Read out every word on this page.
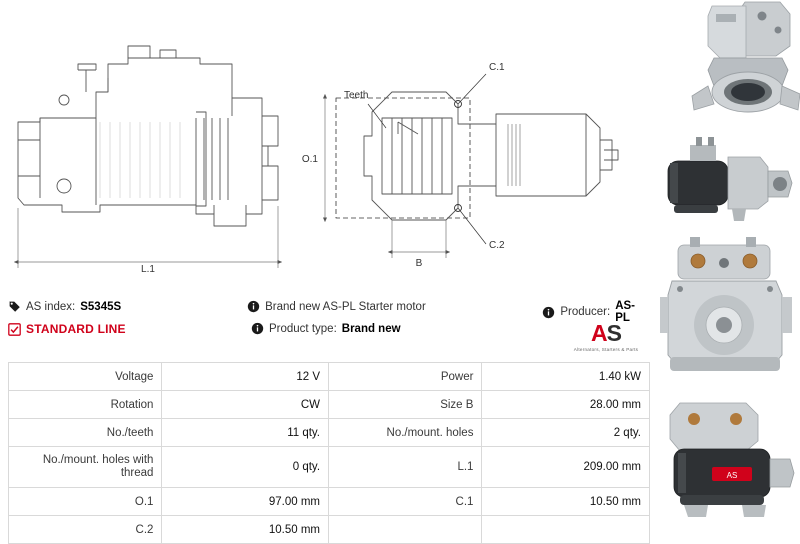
L.1
O.1
B
Teeth
C.1
C.2
AS index: S5345S	Brand new AS-PL Starter motor	Producer: AS-PL
STANDARD LINE	Product type: Brand new	AS
Alternators, Starters & Parts
Voltage	12 V	Power	1.40 kW
Rotation	CW	Size B	28.00 mm
No./teeth	11 qty.	No./mount. holes	2 qty.
No./mount. holes with thread	0 qty.	L.1	209.00 mm
O.1	97.00 mm	C.1	10.50 mm
C.2	10.50 mm		
AS
